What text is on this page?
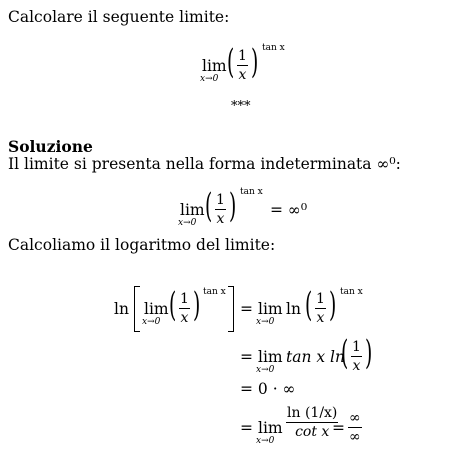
Calcolare il seguente limite:
lim
x→0 ( $\frac{1}{x}$ ) tan x
***
Soluzione
Il limite si presenta nella forma indeterminata ∞⁰:
lim
x→0 ( $\frac{1}{x}$ ) tan x
= ∞⁰
Calcoliamo il logaritmo del limite:
ln lim
x→0 ( $\frac{1}{x}$ ) tan x
= lim
x→0
ln ( $\frac{1}{x}$ ) tan x
= lim
x→0
tan x ln
( $\frac{1}{x}$ )
= 0 · ∞
= lim
x→0
$\frac{\ln (1/x)}{\text{cot x}}$
=
∞
∞
